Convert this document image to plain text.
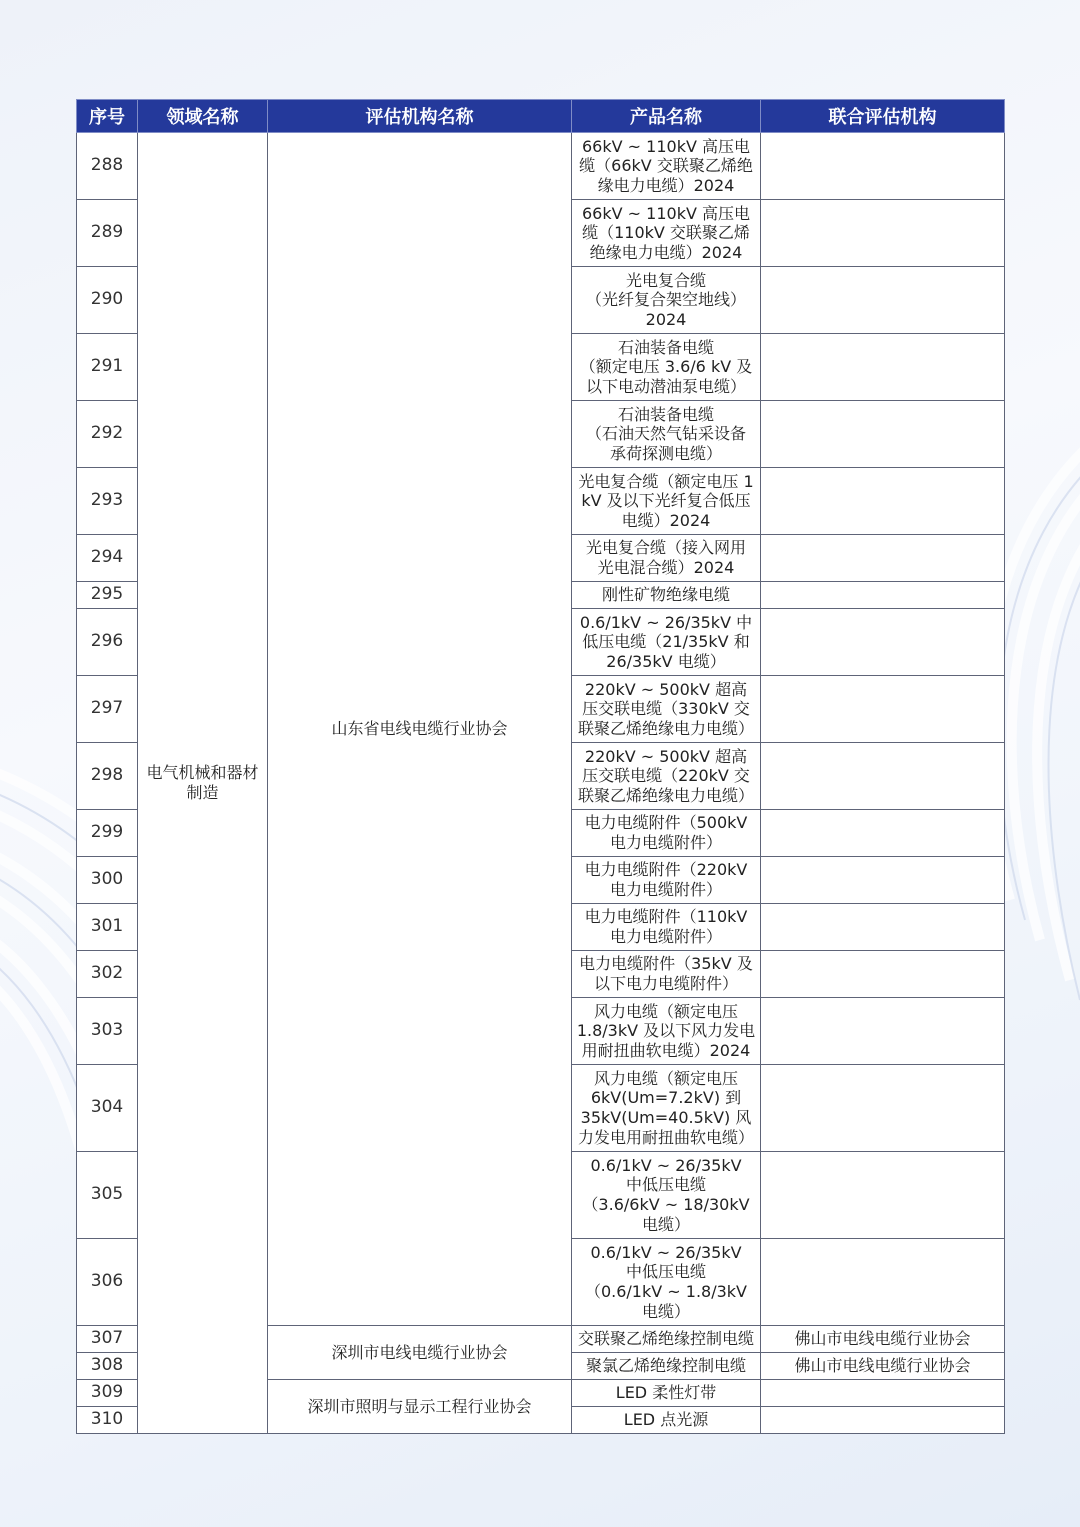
序号	领域名称	评估机构名称	产品名称	联合评估机构
288	电气机械和器材制造	山东省电线电缆行业协会	66kV ~ 110kV 高压电
缆（66kV 交联聚乙烯绝
缘电力电缆）2024	

289			66kV ~ 110kV 高压电
缆（110kV 交联聚乙烯
绝缘电力电缆）2024	

290			光电复合缆
（光纤复合架空地线）
2024	

291			石油装备电缆
（额定电压 3.6/6 kV 及
以下电动潜油泵电缆）	

292			石油装备电缆
（石油天然气钻采设备
承荷探测电缆）	

293			光电复合缆（额定电压 1
kV 及以下光纤复合低压
电缆）2024	

294			光电复合缆（接入网用
光电混合缆）2024	

295			刚性矿物绝缘电缆	

296			0.6/1kV ~ 26/35kV 中
低压电缆（21/35kV 和
26/35kV 电缆）	

297			220kV ~ 500kV 超高
压交联电缆（330kV 交
联聚乙烯绝缘电力电缆）	

298			220kV ~ 500kV 超高
压交联电缆（220kV 交
联聚乙烯绝缘电力电缆）	

299			电力电缆附件（500kV
电力电缆附件）	

300			电力电缆附件（220kV
电力电缆附件）	

301			电力电缆附件（110kV
电力电缆附件）	

302			电力电缆附件（35kV 及
以下电力电缆附件）	

303			风力电缆（额定电压
1.8/3kV 及以下风力发电
用耐扭曲软电缆）2024	

304			风力电缆（额定电压
6kV(Um=7.2kV) 到
35kV(Um=40.5kV) 风
力发电用耐扭曲软电缆）	

305			0.6/1kV ~ 26/35kV
中低压电缆
（3.6/6kV ~ 18/30kV
电缆）	

306			0.6/1kV ~ 26/35kV
中低压电缆
（0.6/1kV ~ 1.8/3kV
电缆）	

307		深圳市电线电缆行业协会	交联聚乙烯绝缘控制电缆	佛山市电线电缆行业协会
308			聚氯乙烯绝缘控制电缆	佛山市电线电缆行业协会
309		深圳市照明与显示工程行业协会	LED 柔性灯带	

310			LED 点光源	
